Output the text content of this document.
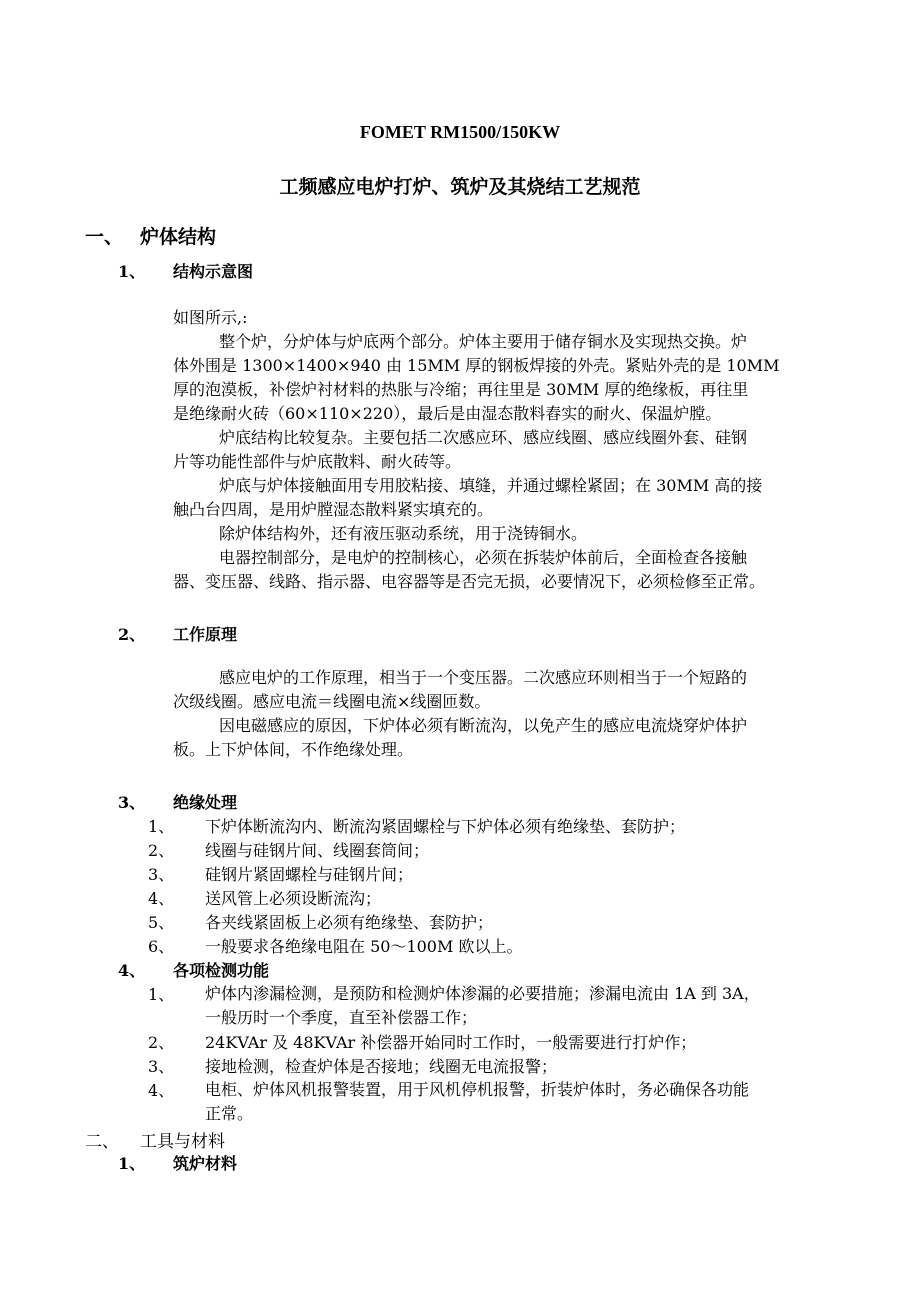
FOMET RM1500/150KW
工频感应电炉打炉、筑炉及其烧结工艺规范
一、 炉体结构
1、 结构示意图
如图所示,:
整个炉，分炉体与炉底两个部分。炉体主要用于储存铜水及实现热交换。炉
体外围是 1300×1400×940 由 15MM 厚的钢板焊接的外壳。紧贴外壳的是 10MM
厚的泡漠板，补偿炉衬材料的热胀与冷缩；再往里是 30MM 厚的绝缘板，再往里
是绝缘耐火砖（60×110×220），最后是由湿态散料舂实的耐火、保温炉膛。
炉底结构比较复杂。主要包括二次感应环、感应线圈、感应线圈外套、硅钢
片等功能性部件与炉底散料、耐火砖等。
炉底与炉体接触面用专用胶粘接、填缝，并通过螺栓紧固；在 30MM 高的接
触凸台四周，是用炉膛湿态散料紧实填充的。
除炉体结构外，还有液压驱动系统，用于浇铸铜水。
电器控制部分，是电炉的控制核心，必须在拆装炉体前后，全面检查各接触
器、变压器、线路、指示器、电容器等是否完无损，必要情况下，必须检修至正常。
2、 工作原理
感应电炉的工作原理，相当于一个变压器。二次感应环则相当于一个短路的
次级线圈。感应电流＝线圈电流×线圈匝数。
因电磁感应的原因，下炉体必须有断流沟，以免产生的感应电流烧穿炉体护
板。上下炉体间，不作绝缘处理。
3、 绝缘处理
1、 下炉体断流沟内、断流沟紧固螺栓与下炉体必须有绝缘垫、套防护；
2、 线圈与硅钢片间、线圈套筒间；
3、 硅钢片紧固螺栓与硅钢片间；
4、 送风管上必须设断流沟；
5、 各夹线紧固板上必须有绝缘垫、套防护；
6、 一般要求各绝缘电阻在 50～100M 欧以上。
4、 各项检测功能
1、 炉体内渗漏检测，是预防和检测炉体渗漏的必要措施；渗漏电流由 1A 到 3A，
一般历时一个季度，直至补偿器工作；
2、 24KVAr 及 48KVAr 补偿器开始同时工作时，一般需要进行打炉作；
3、 接地检测，检查炉体是否接地；线圈无电流报警；
4、 电柜、炉体风机报警装置，用于风机停机报警，折装炉体时，务必确保各功能
正常。
二、 工具与材料
1、 筑炉材料
